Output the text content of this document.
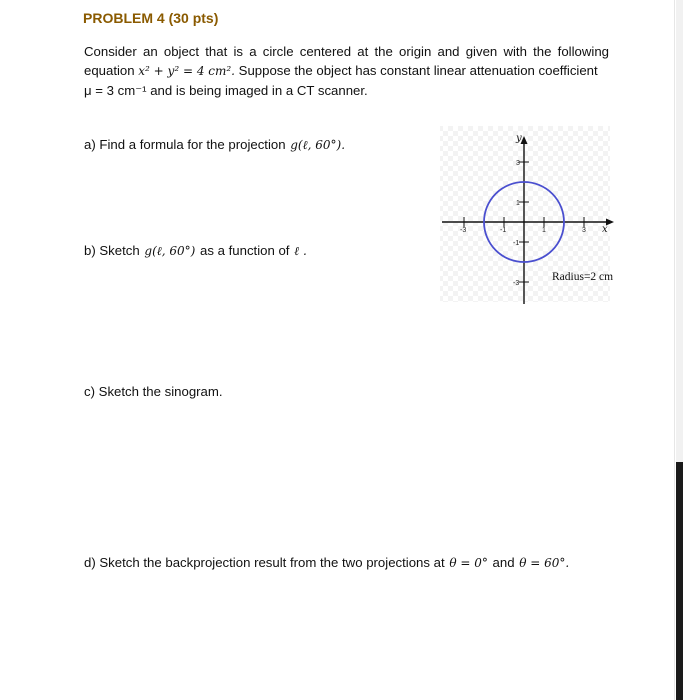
PROBLEM 4 (30 pts)
Consider an object that is a circle centered at the origin and given with the following
equation x² + y² = 4 cm². Suppose the object has constant linear attenuation coefficient
μ = 3 cm⁻¹ and is being imaged in a CT scanner.
a) Find a formula for the projection g(ℓ, 60°).
b) Sketch g(ℓ, 60°) as a function of ℓ .
c) Sketch the sinogram.
d) Sketch the backprojection result from the two projections at θ = 0° and θ = 60°.
-3	-1	1	3
3
1
-1
-3
x
y
Radius=2 cm
